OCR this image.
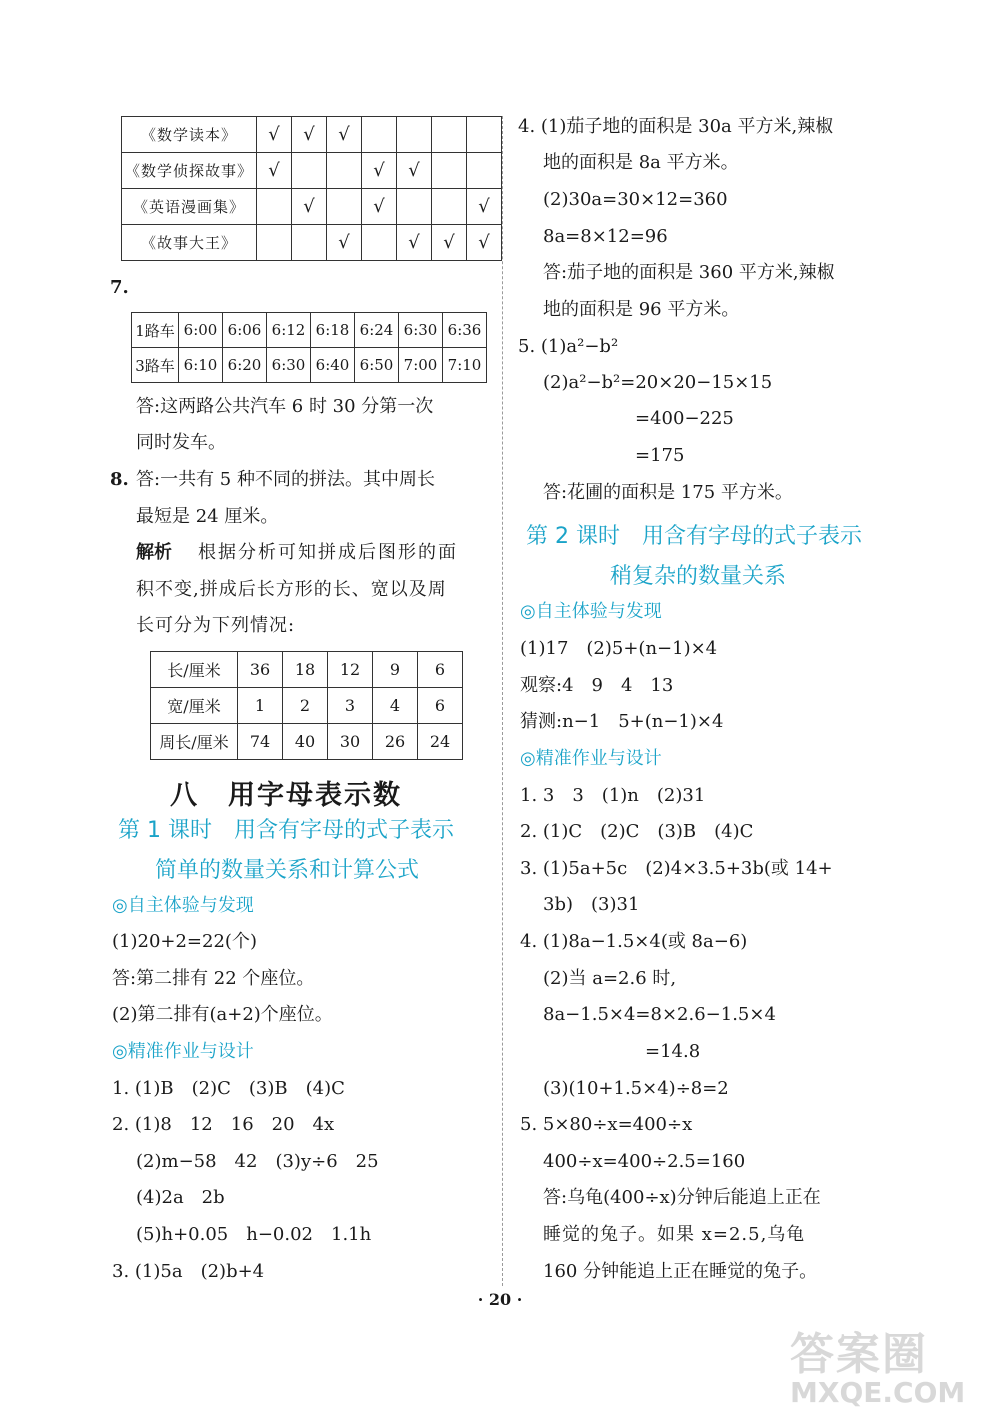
《数学读本》	√	√	√				
《数学侦探故事》	√			√	√		
《英语漫画集》		√		√			√
《故事大王》			√		√	√	√
7.
1路车	6:00	6:06	6:12	6:18	6:24	6:30	6:36
3路车	6:10	6:20	6:30	6:40	6:50	7:00	7:10
答:这两路公共汽车 6 时 30 分第一次
同时发车。
8. 答:一共有 5 种不同的拼法。其中周长
最短是 24 厘米。
解析 根据分析可知拼成后图形的面
积不变,拼成后长方形的长、宽以及周
长可分为下列情况:
长/厘米	36	18	12	9	6
宽/厘米	1	2	3	4	6
周长/厘米	74	40	30	26	24
八　用字母表示数
第 1 课时　用含有字母的式子表示
简单的数量关系和计算公式
◎自主体验与发现
(1)20+2=22(个)
答:第二排有 22 个座位。
(2)第二排有(a+2)个座位。
◎精准作业与设计
1. (1)B　(2)C　(3)B　(4)C
2. (1)8　12　16　20　4x
(2)m−58　42　(3)y÷6　25
(4)2a　2b
(5)h+0.05　h−0.02　1.1h
3. (1)5a　(2)b+4
4. (1)茄子地的面积是 30a 平方米,辣椒
地的面积是 8a 平方米。
(2)30a=30×12=360
8a=8×12=96
答:茄子地的面积是 360 平方米,辣椒
地的面积是 96 平方米。
5. (1)a²−b²
(2)a²−b²=20×20−15×15
=400−225
=175
答:花圃的面积是 175 平方米。
第 2 课时　用含有字母的式子表示
稍复杂的数量关系
◎自主体验与发现
(1)17　(2)5+(n−1)×4
观察:4　9　4　13
猜测:n−1　5+(n−1)×4
◎精准作业与设计
1. 3　3　(1)n　(2)31
2. (1)C　(2)C　(3)B　(4)C
3. (1)5a+5c　(2)4×3.5+3b(或 14+
3b)　(3)31
4. (1)8a−1.5×4(或 8a−6)
(2)当 a=2.6 时,
8a−1.5×4=8×2.6−1.5×4
=14.8
(3)(10+1.5×4)÷8=2
5. 5×80÷x=400÷x
400÷x=400÷2.5=160
答:乌龟(400÷x)分钟后能追上正在
睡觉的兔子。如果 x=2.5,乌龟
160 分钟能追上正在睡觉的兔子。
· 20 ·
答案圈
MXQE.COM
